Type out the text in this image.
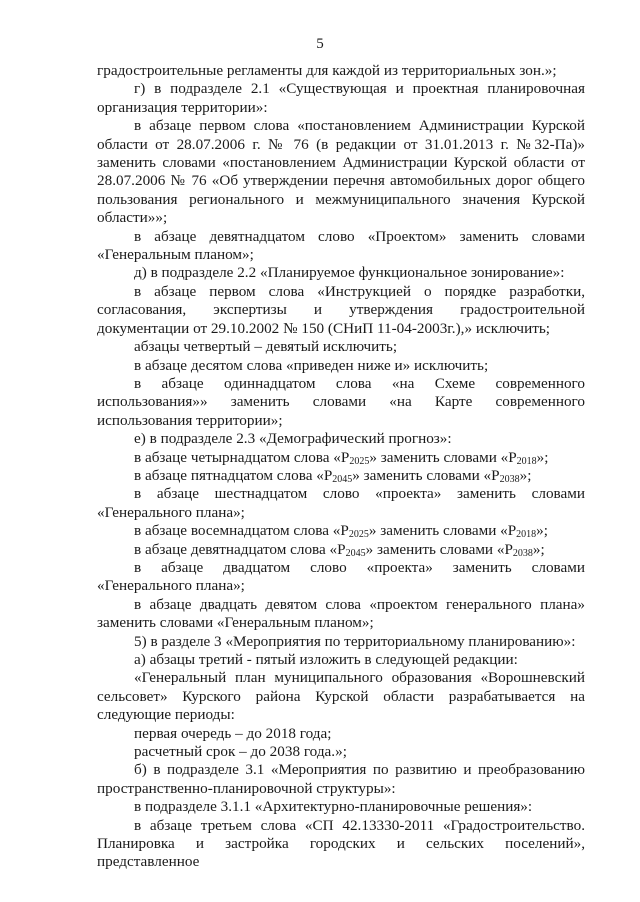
5

градостроительные регламенты для каждой из территориальных зон.»;

г) в подразделе 2.1 «Существующая и проектная планировочная организация территории»:

в абзаце первом слова «постановлением Администрации Курской области от 28.07.2006 г. № 76 (в редакции от 31.01.2013 г. №32-Па)» заменить словами «постановлением Администрации Курской области от 28.07.2006 № 76 «Об утверждении перечня автомобильных дорог общего пользования регионального и межмуниципального значения Курской области»»;

в абзаце девятнадцатом слово «Проектом» заменить словами «Генеральным планом»;

д) в подразделе 2.2 «Планируемое функциональное зонирование»:

в абзаце первом слова «Инструкцией о порядке разработки, согласования, экспертизы и утверждения градостроительной документации от 29.10.2002 № 150 (СНиП 11-04-2003г.),» исключить;

абзацы четвертый – девятый исключить;

в абзаце десятом слова «приведен ниже и» исключить;

в абзаце одиннадцатом слова «на Схеме современного использования»» заменить словами «на Карте современного использования территории»;

е) в подразделе 2.3 «Демографический прогноз»:

в абзаце четырнадцатом слова «$Р_{2025}$» заменить словами «$Р_{2018}$»;

в абзаце пятнадцатом слова «$Р_{2045}$» заменить словами «$Р_{2038}$»;

в абзаце шестнадцатом слово «проекта» заменить словами «Генерального плана»;

в абзаце восемнадцатом слова «$Р_{2025}$» заменить словами «$Р_{2018}$»;

в абзаце девятнадцатом слова «$Р_{2045}$» заменить словами «$Р_{2038}$»;

в абзаце двадцатом слово «проекта» заменить словами «Генерального плана»;

в абзаце двадцать девятом слова «проектом генерального плана» заменить словами «Генеральным планом»;

5) в разделе 3 «Мероприятия по территориальному планированию»:

а) абзацы третий - пятый изложить в следующей редакции:

«Генеральный план муниципального образования «Ворошневский сельсовет» Курского района Курской области разрабатывается на следующие периоды:

первая очередь – до 2018 года;

расчетный срок – до 2038 года.»;

б) в подразделе 3.1 «Мероприятия по развитию и преобразованию пространственно-планировочной структуры»:

в подразделе 3.1.1 «Архитектурно-планировочные решения»:

в абзаце третьем слова «СП 42.13330-2011 «Градостроительство. Планировка и застройка городских и сельских поселений», представленное
